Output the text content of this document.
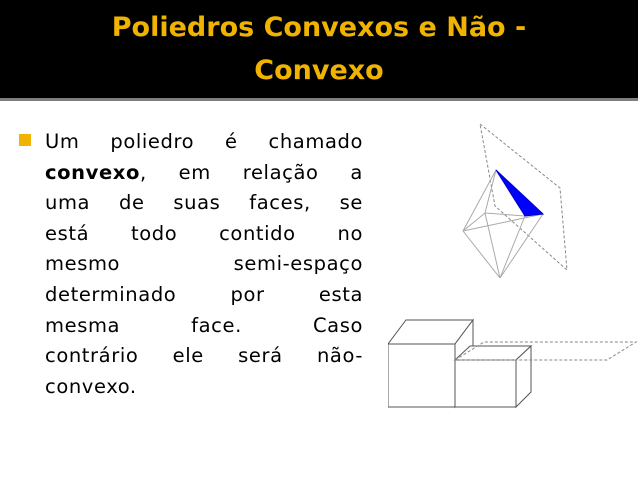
Poliedros Convexos e Não -
Convexo
Um poliedro é chamado
convexo, em relação a
uma de suas faces, se
está todo contido no
mesmo semi-espaço
determinado por esta
mesma face. Caso
contrário ele será não-
convexo.
